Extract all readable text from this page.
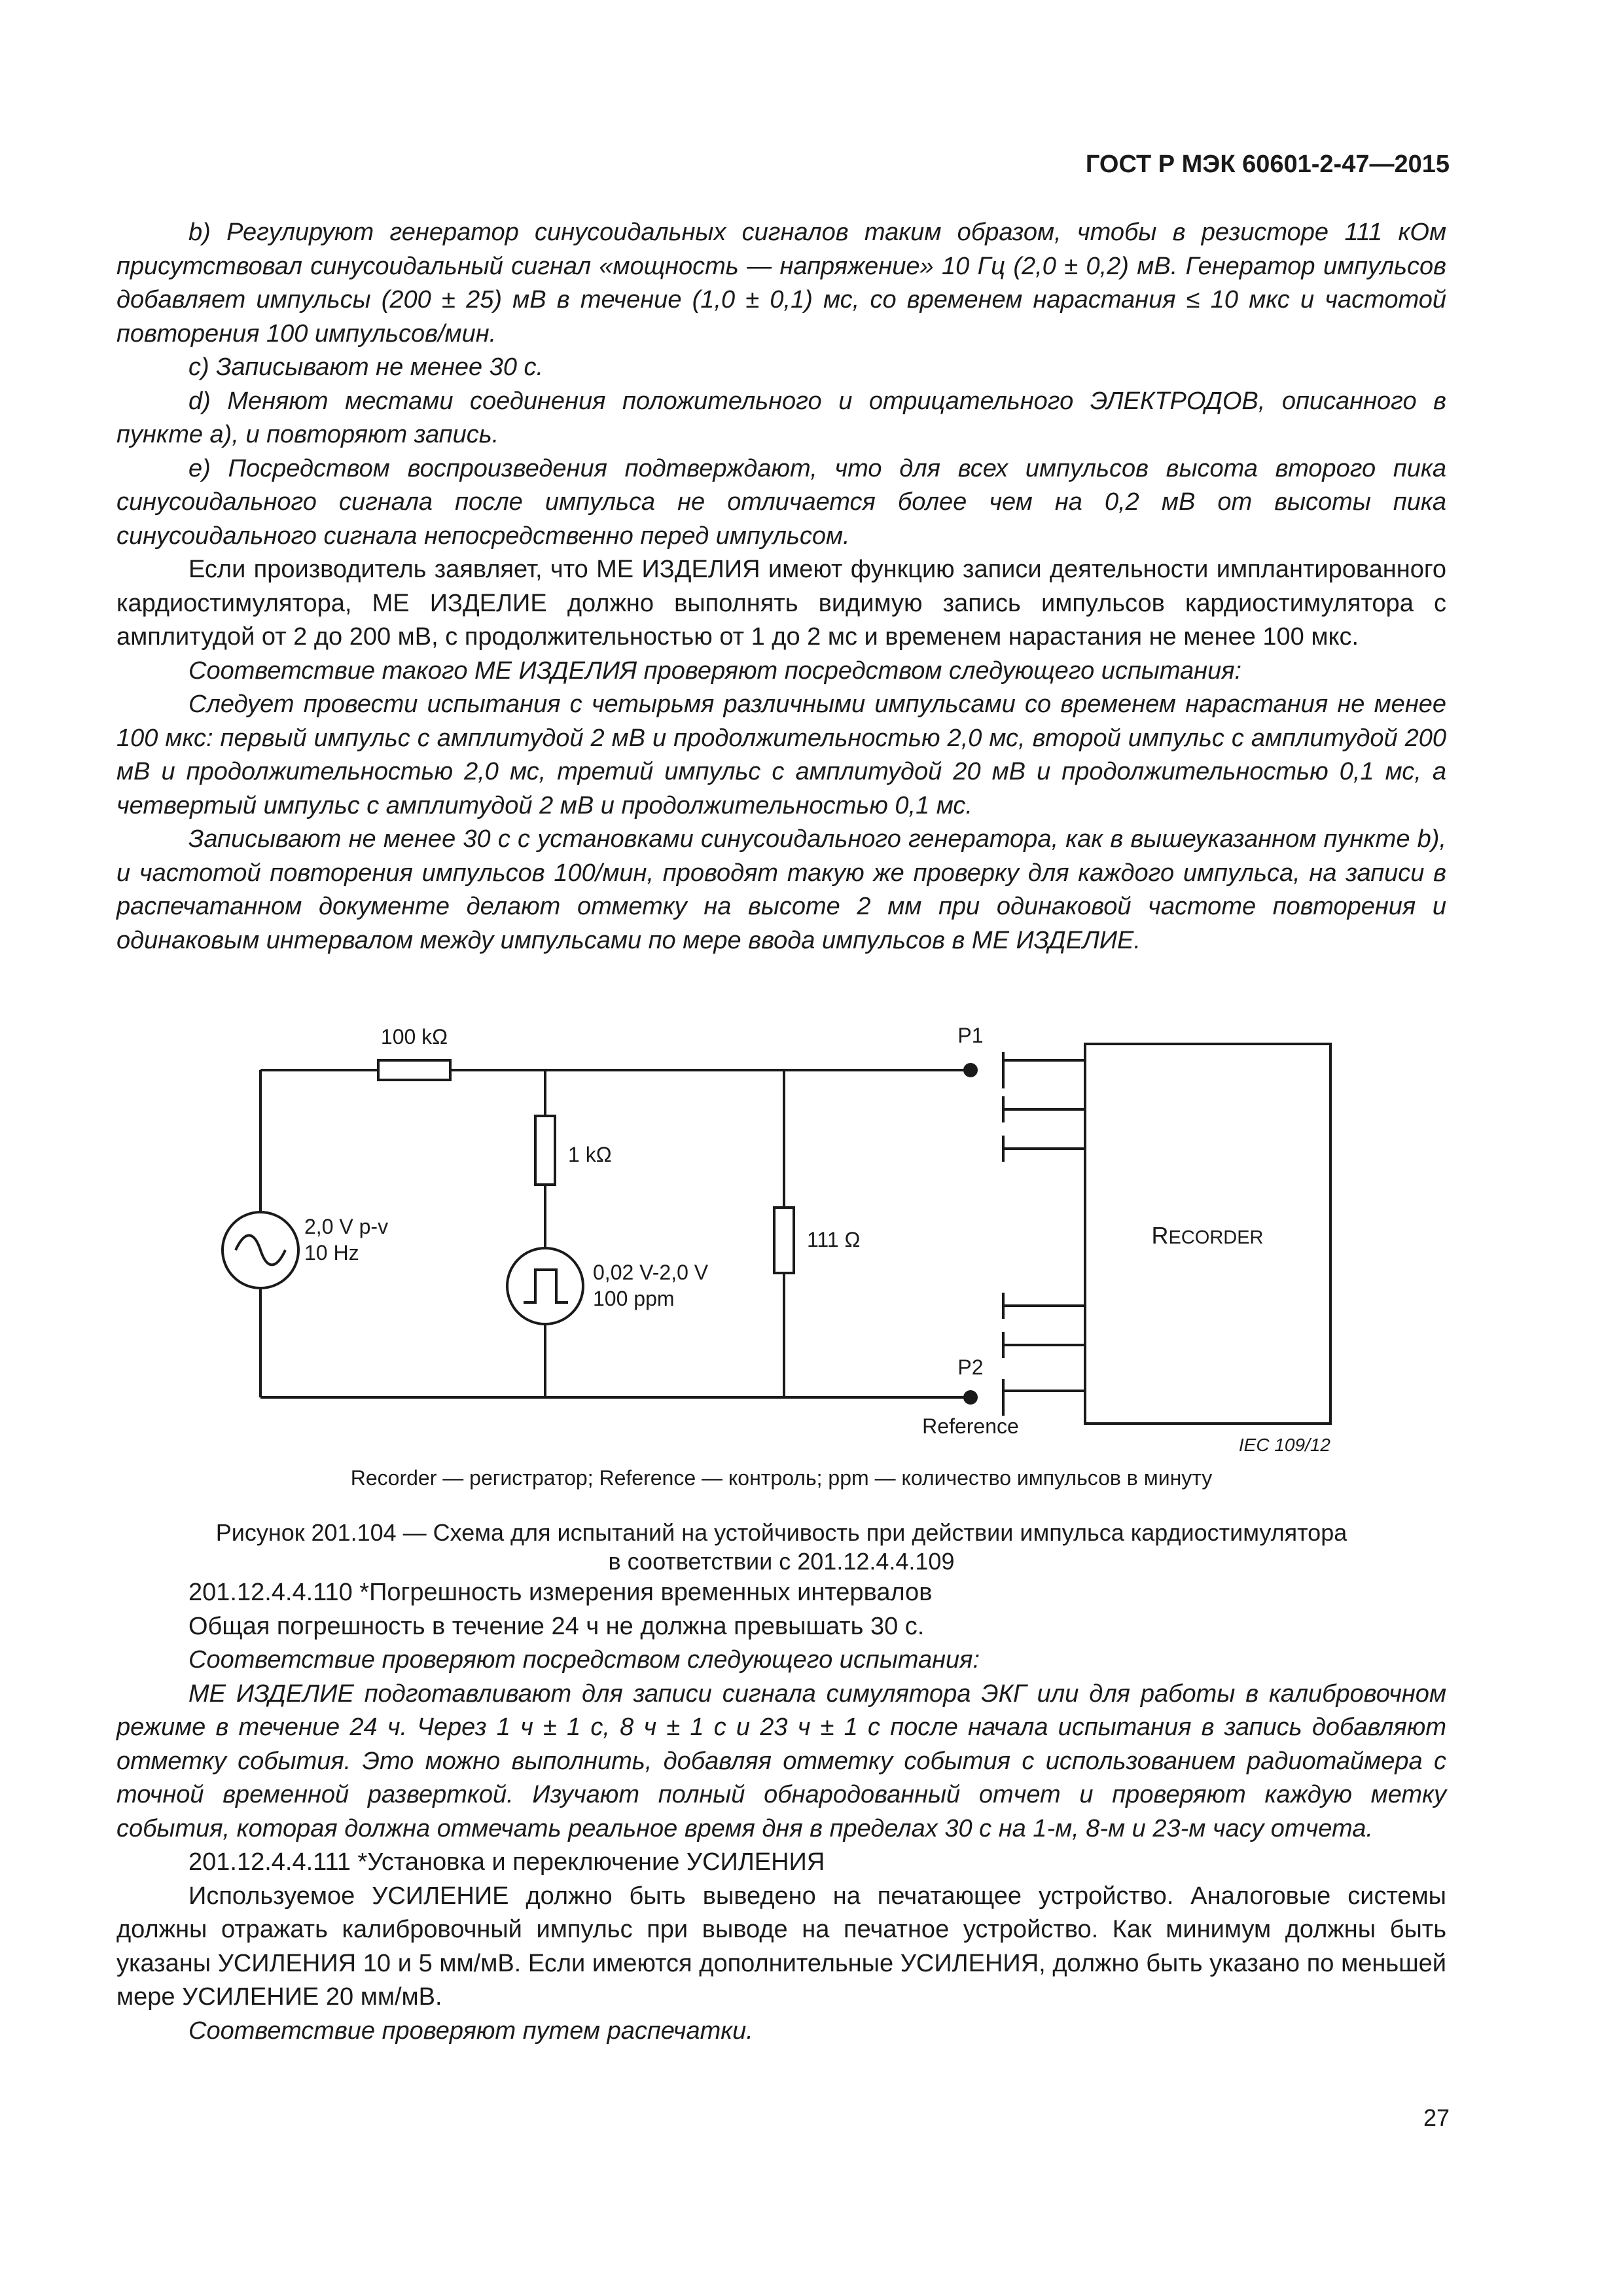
ГОСТ Р МЭК 60601-2-47—2015

b) Регулируют генератор синусоидальных сигналов таким образом, чтобы в резисторе 111 кОм присутствовал синусоидальный сигнал «мощность — напряжение» 10 Гц (2,0 ± 0,2) мВ. Генератор импульсов добавляет импульсы (200 ± 25) мВ в течение (1,0 ± 0,1) мс, со временем нарастания ≤ 10 мкс и частотой повторения 100 импульсов/мин.

c) Записывают не менее 30 с.

d) Меняют местами соединения положительного и отрицательного ЭЛЕКТРОДОВ, описанного в пункте a), и повторяют запись.

e) Посредством воспроизведения подтверждают, что для всех импульсов высота второго пика синусоидального сигнала после импульса не отличается более чем на 0,2 мВ от высоты пика синусоидального сигнала непосредственно перед импульсом.

Если производитель заявляет, что МЕ ИЗДЕЛИЯ имеют функцию записи деятельности имплантированного кардиостимулятора, МЕ ИЗДЕЛИЕ должно выполнять видимую запись импульсов кардиостимулятора с амплитудой от 2 до 200 мВ, с продолжительностью от 1 до 2 мс и временем нарастания не менее 100 мкс.

Соответствие такого МЕ ИЗДЕЛИЯ проверяют посредством следующего испытания:

Следует провести испытания с четырьмя различными импульсами со временем нарастания не менее 100 мкс: первый импульс с амплитудой 2 мВ и продолжительностью 2,0 мс, второй импульс с амплитудой 200 мВ и продолжительностью 2,0 мс, третий импульс с амплитудой 20 мВ и продолжительностью 0,1 мс, а четвертый импульс с амплитудой 2 мВ и продолжительностью 0,1 мс.

Записывают не менее 30 с с установками синусоидального генератора, как в вышеуказанном пункте b), и частотой повторения импульсов 100/мин, проводят такую же проверку для каждого импульса, на записи в распечатанном документе делают отметку на высоте 2 мм при одинаковой частоте повторения и одинаковым интервалом между импульсами по мере ввода импульсов в МЕ ИЗДЕЛИЕ.

100 kΩ
1 kΩ
111 Ω
2,0 V p-v
10 Hz
0,02 V-2,0 V
100 ppm
P1
P2
Reference
RECORDER
IEC 109/12
Recorder — регистратор; Reference — контроль; ppm — количество импульсов в минуту
Рисунок 201.104 — Схема для испытаний на устойчивость при действии импульса кардиостимулятора
в соответствии с 201.12.4.4.109

201.12.4.4.110 *Погрешность измерения временных интервалов

Общая погрешность в течение 24 ч не должна превышать 30 с.

Соответствие проверяют посредством следующего испытания:

МЕ ИЗДЕЛИЕ подготавливают для записи сигнала симулятора ЭКГ или для работы в калибровочном режиме в течение 24 ч. Через 1 ч ± 1 с, 8 ч ± 1 с и 23 ч ± 1 с после начала испытания в запись добавляют отметку события. Это можно выполнить, добавляя отметку события с использованием радиотаймера с точной временной разверткой. Изучают полный обнародованный отчет и проверяют каждую метку события, которая должна отмечать реальное время дня в пределах 30 с на 1-м, 8-м и 23-м часу отчета.

201.12.4.4.111 *Установка и переключение УСИЛЕНИЯ

Используемое УСИЛЕНИЕ должно быть выведено на печатающее устройство. Аналоговые системы должны отражать калибровочный импульс при выводе на печатное устройство. Как минимум должны быть указаны УСИЛЕНИЯ 10 и 5 мм/мВ. Если имеются дополнительные УСИЛЕНИЯ, должно быть указано по меньшей мере УСИЛЕНИЕ 20 мм/мВ.

Соответствие проверяют путем распечатки.

27
